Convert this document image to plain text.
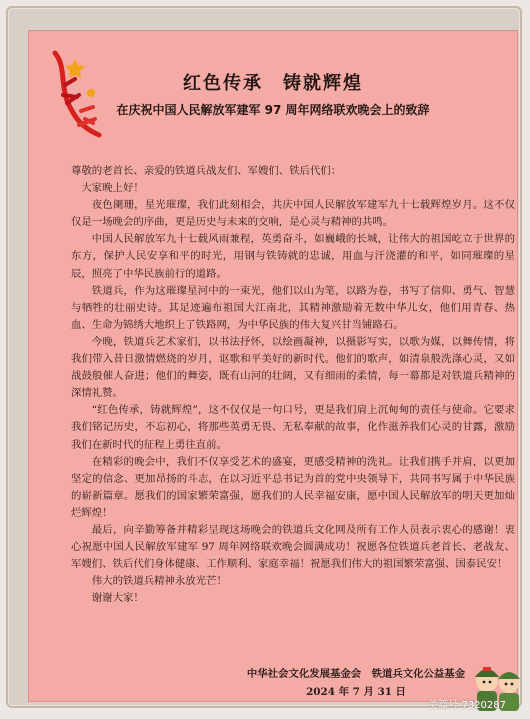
红色传承　铸就辉煌
在庆祝中国人民解放军建军 97 周年网络联欢晚会上的致辞

尊敬的老首长、亲爱的铁道兵战友们、军嫂们、铁后代们：

大家晚上好！

夜色阑珊，星光璀璨，我们此刻相会，共庆中国人民解放军建军九十七载辉煌岁月。这不仅仅是一场晚会的序曲，更是历史与未来的交响，是心灵与精神的共鸣。

中国人民解放军九十七载风雨兼程，英勇奋斗，如巍峨的长城，让伟大的祖国屹立于世界的东方，保护人民安享和平的时光，用钢与铁铸就的忠诚，用血与汗浇灌的和平，如同璀璨的星辰，照亮了中华民族前行的道路。

铁道兵，作为这璀璨星河中的一束光，他们以山为笔，以路为卷，书写了信仰、勇气、智慧与牺牲的壮丽史诗。其足迹遍布祖国大江南北，其精神激励着无数中华儿女，他们用青春、热血、生命为锦绣大地织上了铁路网，为中华民族的伟大复兴甘当铺路石。

今晚，铁道兵艺术家们，以书法抒怀，以绘画凝神，以摄影写实，以歌为媒，以舞传情，将我们带入昔日激情燃烧的岁月，讴歌和平美好的新时代。他们的歌声，如清泉般洗涤心灵，又如战鼓般催人奋进；他们的舞姿，既有山河的壮阔，又有细雨的柔情，每一幕都是对铁道兵精神的深情礼赞。

“红色传承，铸就辉煌”，这不仅仅是一句口号，更是我们肩上沉甸甸的责任与使命。它要求我们铭记历史，不忘初心，将那些英勇无畏、无私奉献的故事，化作滋养我们心灵的甘露，激励我们在新时代的征程上勇往直前。

在精彩的晚会中，我们不仅享受艺术的盛宴，更感受精神的洗礼。让我们携手并肩，以更加坚定的信念、更加昂扬的斗志，在以习近平总书记为首的党中央领导下，共同书写属于中华民族的崭新篇章。愿我们的国家繁荣富强，愿我们的人民幸福安康，愿中国人民解放军的明天更加灿烂辉煌！

最后，向辛勤筹备并精彩呈现这场晚会的铁道兵文化网及所有工作人员表示衷心的感谢！衷心祝愿中国人民解放军建军 97 周年网络联欢晚会圆满成功！祝愿各位铁道兵老首长、老战友、军嫂们、铁后代们身体健康、工作顺利、家庭幸福！祝愿我们伟大的祖国繁荣富强、国泰民安！

伟大的铁道兵精神永放光芒！

谢谢大家！

中华社会文化发展基金会　铁道兵文化公益基金
2024 年 7 月 31 日
美篇号 7320287
